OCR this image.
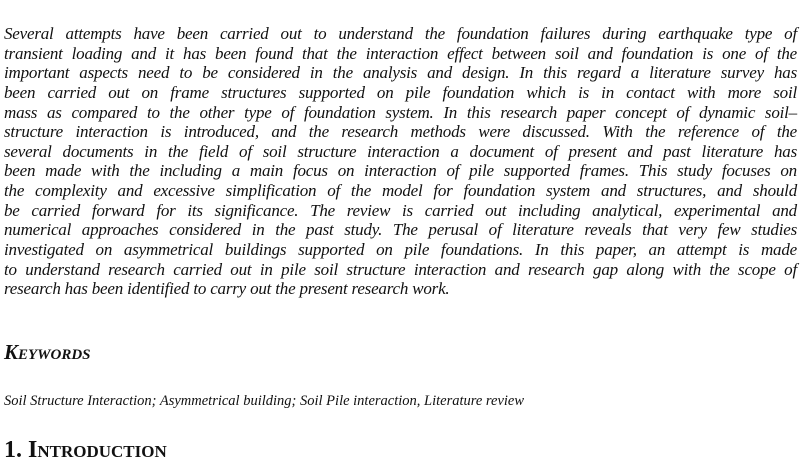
Several attempts have been carried out to understand the foundation failures during earthquake type of
transient loading and it has been found that the interaction effect between soil and foundation is one of the
important aspects need to be considered in the analysis and design. In this regard a literature survey has
been carried out on frame structures supported on pile foundation which is in contact with more soil
mass as compared to the other type of foundation system. In this research paper concept of dynamic soil–
structure interaction is introduced, and the research methods were discussed. With the reference of the
several documents in the field of soil structure interaction a document of present and past literature has
been made with the including a main focus on interaction of pile supported frames. This study focuses on
the complexity and excessive simplification of the model for foundation system and structures, and should
be carried forward for its significance. The review is carried out including analytical, experimental and
numerical approaches considered in the past study. The perusal of literature reveals that very few studies
investigated on asymmetrical buildings supported on pile foundations. In this paper, an attempt is made
to understand research carried out in pile soil structure interaction and research gap along with the scope of
research has been identified to carry out the present research work.
Keywords
Soil Structure Interaction; Asymmetrical building; Soil Pile interaction, Literature review
1. Introduction
